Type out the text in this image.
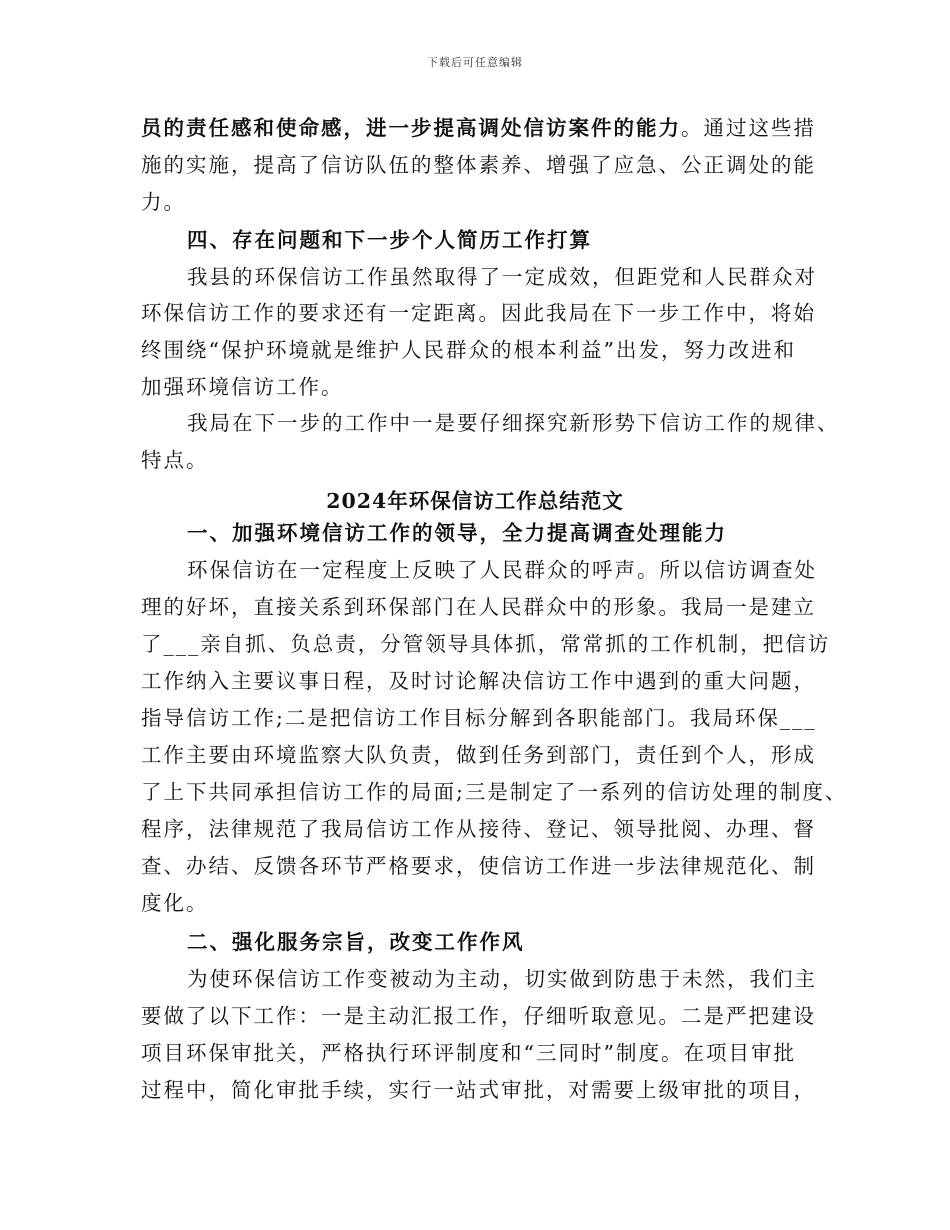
下载后可任意编辑
员的责任感和使命感，进一步提高调处信访案件的能力。通过这些措
施的实施，提高了信访队伍的整体素养、增强了应急、公正调处的能
力。
四、存在问题和下一步个人简历工作打算
我县的环保信访工作虽然取得了一定成效，但距党和人民群众对
环保信访工作的要求还有一定距离。因此我局在下一步工作中，将始
终围绕“保护环境就是维护人民群众的根本利益”出发，努力改进和
加强环境信访工作。
我局在下一步的工作中一是要仔细探究新形势下信访工作的规律、
特点。
2024年环保信访工作总结范文
一、加强环境信访工作的领导，全力提高调查处理能力
环保信访在一定程度上反映了人民群众的呼声。所以信访调查处
理的好坏，直接关系到环保部门在人民群众中的形象。我局一是建立
了___亲自抓、负总责，分管领导具体抓，常常抓的工作机制，把信访
工作纳入主要议事日程，及时讨论解决信访工作中遇到的重大问题，
指导信访工作;二是把信访工作目标分解到各职能部门。我局环保___
工作主要由环境监察大队负责，做到任务到部门，责任到个人，形成
了上下共同承担信访工作的局面;三是制定了一系列的信访处理的制度、
程序，法律规范了我局信访工作从接待、登记、领导批阅、办理、督
查、办结、反馈各环节严格要求，使信访工作进一步法律规范化、制
度化。
二、强化服务宗旨，改变工作作风
为使环保信访工作变被动为主动，切实做到防患于未然，我们主
要做了以下工作：一是主动汇报工作，仔细听取意见。二是严把建设
项目环保审批关，严格执行环评制度和“三同时”制度。在项目审批
过程中，简化审批手续，实行一站式审批，对需要上级审批的项目，
